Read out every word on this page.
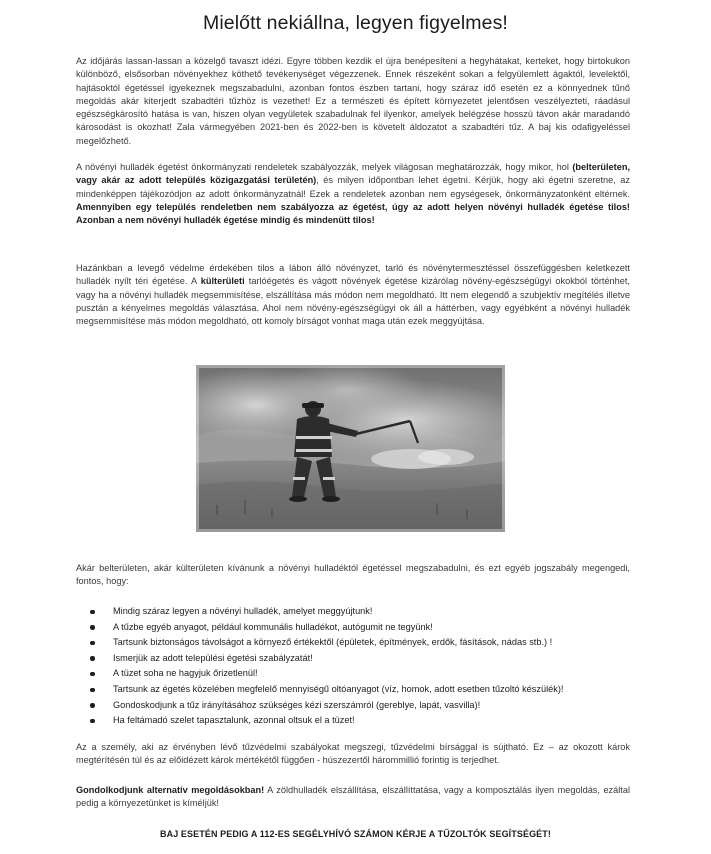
Mielőtt nekiállna, legyen figyelmes!
Az időjárás lassan-lassan a közelgő tavaszt idézi. Egyre többen kezdik el újra benépesíteni a hegyhátakat, kerteket, hogy birtokukon különböző, elsősorban növényekhez köthető tevékenységet végezzenek. Ennek részeként sokan a felgyülemlett ágaktól, levelektől, hajtásoktól égetéssel igyekeznek megszabadulni, azonban fontos észben tartani, hogy száraz idő esetén ez a könnyednek tűnő megoldás akár kiterjedt szabadtéri tűzhöz is vezethet! Ez a természeti és épített környezetet jelentősen veszélyezteti, ráadásul egészségkárosító hatása is van, hiszen olyan vegyületek szabadulnak fel ilyenkor, amelyek belégzése hosszú távon akár maradandó károsodást is okozhat! Zala vármegyében 2021-ben és 2022-ben is követelt áldozatot a szabadtéri tűz. A baj kis odafigyeléssel megelőzhető.
A növényi hulladék égetést önkormányzati rendeletek szabályozzák, melyek világosan meghatározzák, hogy mikor, hol (belterületen, vagy akár az adott település közigazgatási területén), és milyen időpontban lehet égetni. Kérjük, hogy aki égetni szeretne, az mindenképpen tájékozódjon az adott önkormányzatnál! Ezek a rendeletek azonban nem egységesek, önkormányzatonként eltérnek. Amennyiben egy település rendeletben nem szabályozza az égetést, úgy az adott helyen növényi hulladék égetése tilos! Azonban a nem növényi hulladék égetése mindig és mindenütt tilos!
Hazánkban a levegő védelme érdekében tilos a lábon álló növényzet, tarló és növénytermesztéssel összefüggésben keletkezett hulladék nyílt téri égetése. A külterületi tarlóégetés és vágott növények égetése kizárólag növény-egészségügyi okokból történhet, vagy ha a növényi hulladék megsemmisítése, elszállítása más módon nem megoldható. Itt nem elegendő a szubjektív megítélés illetve pusztán a kényelmes megoldás választása. Ahol nem növény-egészségügyi ok áll a háttérben, vagy egyébként a növényi hulladék megsemmisítése más módon megoldható, ott komoly bírságot vonhat maga után ezek meggyújtása.
Akár belterületen, akár külterületen kívánunk a növényi hulladéktól égetéssel megszabadulni, és ezt egyéb jogszabály megengedi, fontos, hogy:
Mindig száraz legyen a növényi hulladék, amelyet meggyújtunk!
A tűzbe egyéb anyagot, például kommunális hulladékot, autógumit ne tegyünk!
Tartsunk biztonságos távolságot a környező értékektől (épületek, építmények, erdők, fásítások, nádas stb.) !
Ismerjük az adott települési égetési szabályzatát!
A tüzet soha ne hagyjuk őrizetlenül!
Tartsunk az égetés közelében megfelelő mennyiségű oltóanyagot (víz, homok, adott esetben tűzoltó készülék)!
Gondoskodjunk a tűz irányításához szükséges kézi szerszámról (gereblye, lapát, vasvilla)!
Ha feltámadó szelet tapasztalunk, azonnal oltsuk el a tüzet!
Az a személy, aki az érvényben lévő tűzvédelmi szabályokat megszegi, tűzvédelmi bírsággal is sújtható. Ez – az okozott károk megtérítésén túl és az előidézett károk mértékétől függően - húszezertől hárommillió forintig is terjedhet.
Gondolkodjunk alternatív megoldásokban! A zöldhulladék elszállítása, elszállíttatása, vagy a komposztálás ilyen megoldás, ezáltal pedig a környezetünket is kíméljük!
BAJ ESETÉN PEDIG A 112-ES SEGÉLYHÍVÓ SZÁMON KÉRJE A TŰZOLTÓK SEGÍTSÉGÉT!
